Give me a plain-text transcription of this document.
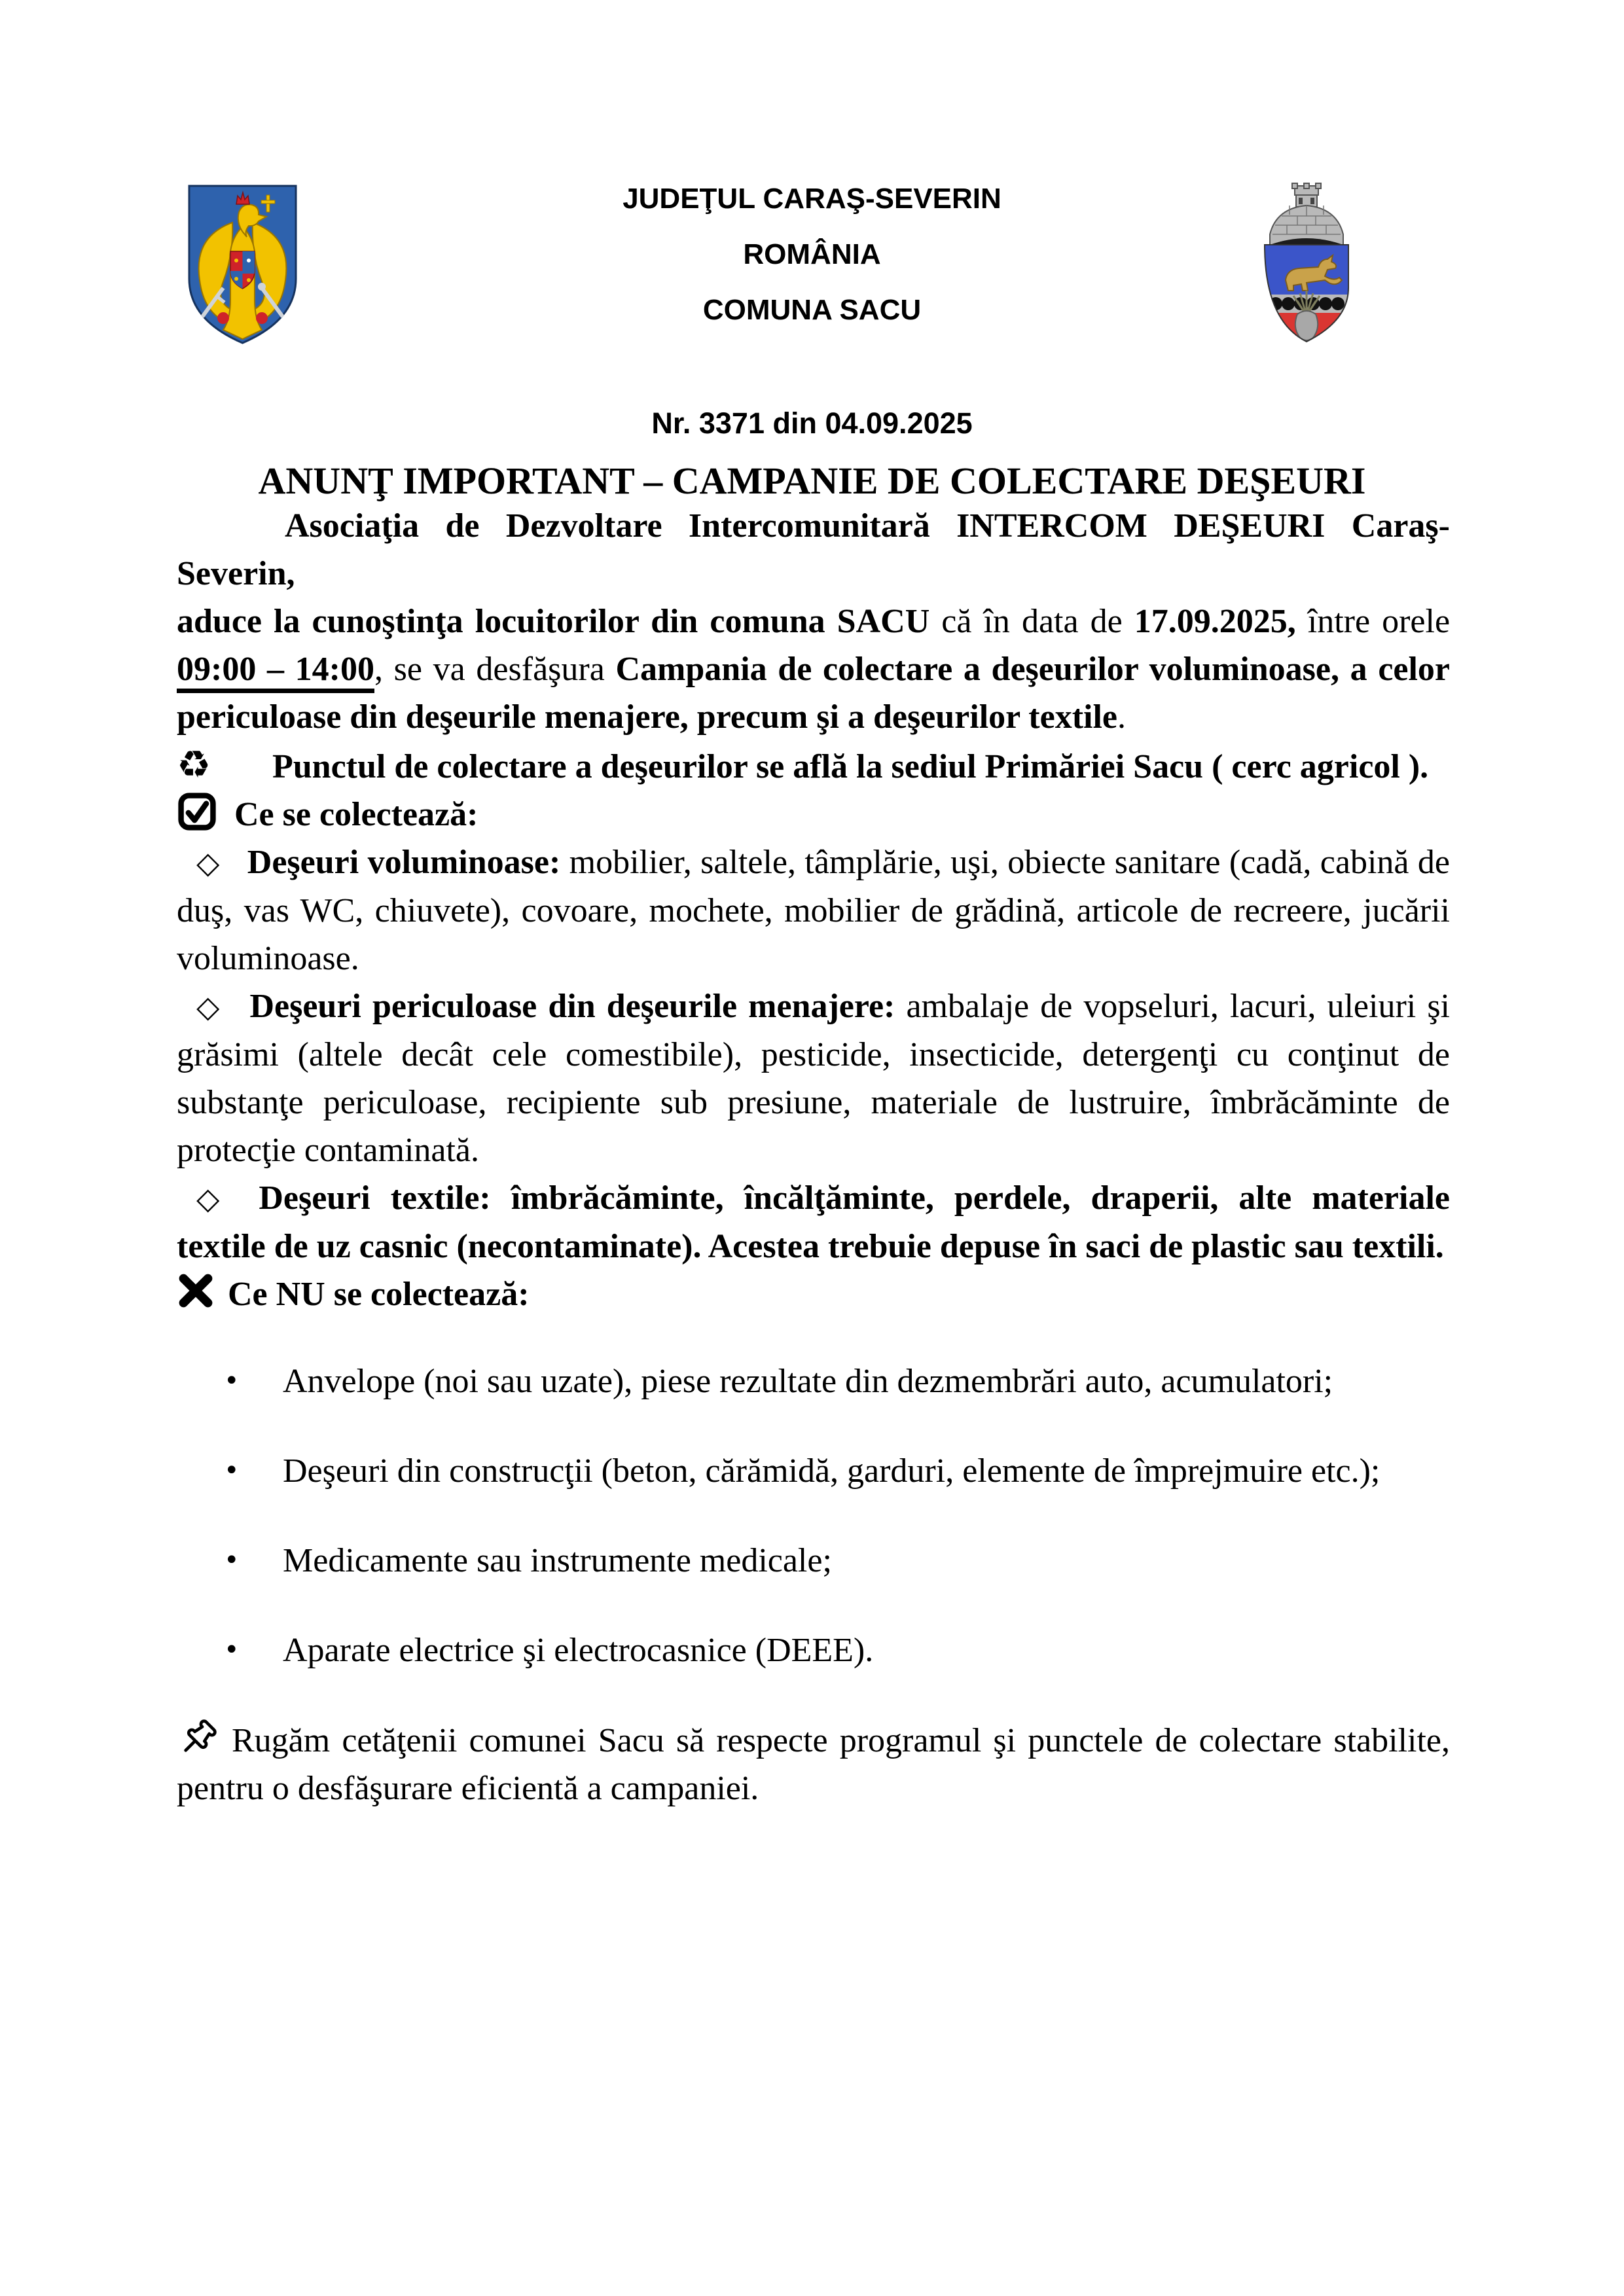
JUDEŢUL CARAŞ-SEVERIN
ROMÂNIA
COMUNA SACU
Nr. 3371 din 04.09.2025
ANUNŢ IMPORTANT – CAMPANIE DE COLECTARE DEŞEURI

Asociaţia de Dezvoltare Intercomunitară INTERCOM DEŞEURI Caraş-Severin,
aduce la cunoştinţa locuitorilor din comuna SACU că în data de 17.09.2025, între orele 09:00 – 14:00, se va desfăşura Campania de colectare a deşeurilor voluminoase, a celor periculoase din deşeurile menajere, precum şi a deşeurilor textile.

♻ Punctul de colectare a deşeurilor se află la sediul Primăriei Sacu ( cerc agricol ).

Ce se colectează:

◇ Deşeuri voluminoase: mobilier, saltele, tâmplărie, uşi, obiecte sanitare (cadă, cabină de duş, vas WC, chiuvete), covoare, mochete, mobilier de grădină, articole de recreere, jucării voluminoase.

◇ Deşeuri periculoase din deşeurile menajere: ambalaje de vopseluri, lacuri, uleiuri şi grăsimi (altele decât cele comestibile), pesticide, insecticide, detergenţi cu conţinut de substanţe periculoase, recipiente sub presiune, materiale de lustruire, îmbrăcăminte de protecţie contaminată.

◇ Deşeuri textile: îmbrăcăminte, încălţăminte, perdele, draperii, alte materiale textile de uz casnic (necontaminate). Acestea trebuie depuse în saci de plastic sau textili.

Ce NU se colectează:

•	Anvelope (noi sau uzate), piese rezultate din dezmembrări auto, acumulatori;
•	Deşeuri din construcţii (beton, cărămidă, garduri, elemente de împrejmuire etc.);
•	Medicamente sau instrumente medicale;
•	Aparate electrice şi electrocasnice (DEEE).

Rugăm cetăţenii comunei Sacu să respecte programul şi punctele de colectare stabilite, pentru o desfăşurare eficientă a campaniei.
